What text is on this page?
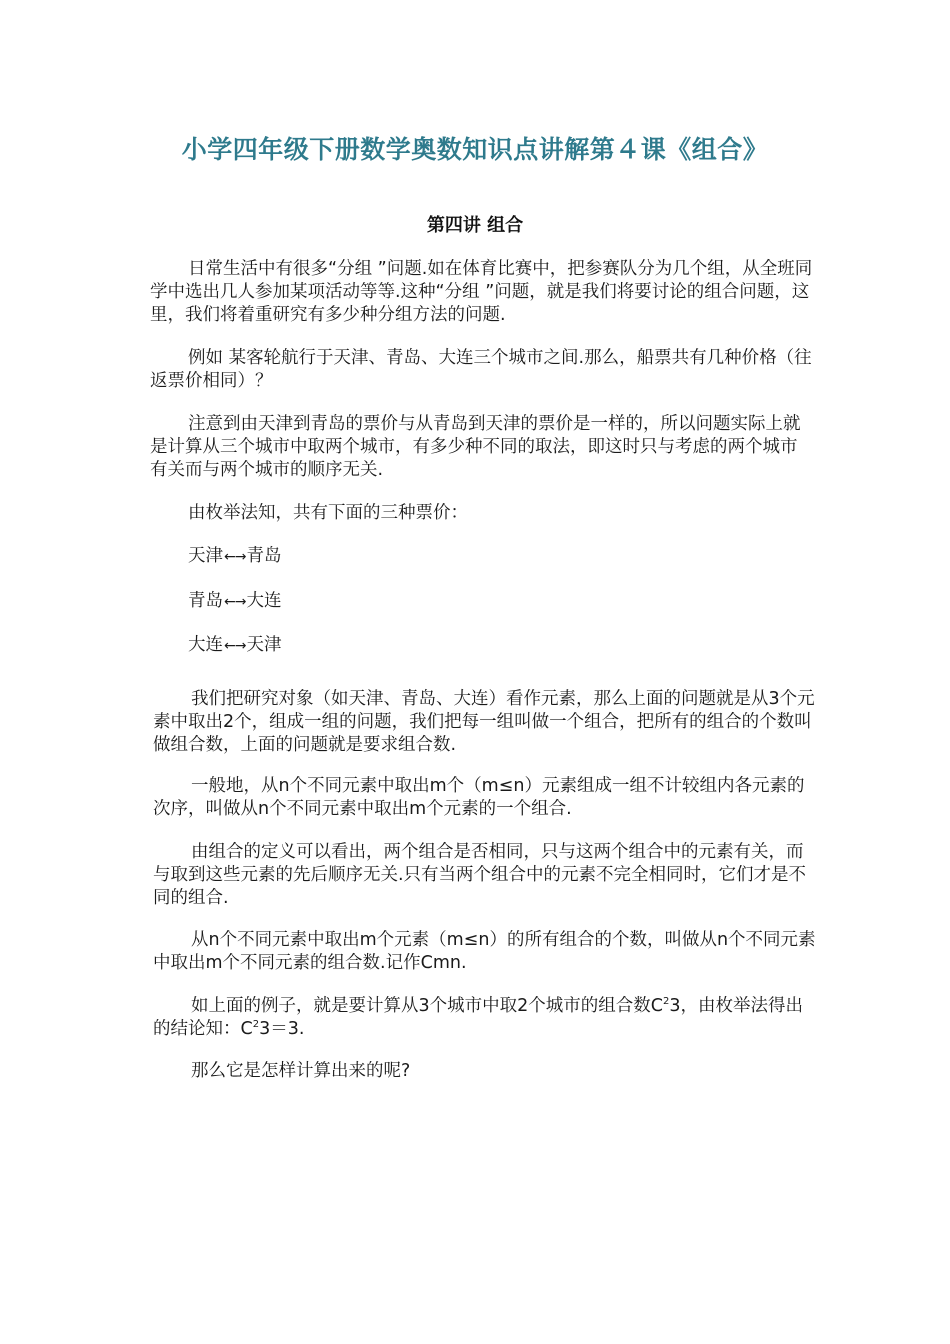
小学四年级下册数学奥数知识点讲解第４课《组合》
第四讲 组合

日常生活中有很多“分组 ”问题.如在体育比赛中，把参赛队分为几个组，从全班同学中选出几人参加某项活动等等.这种“分组 ”问题，就是我们将要讨论的组合问题，这里，我们将着重研究有多少种分组方法的问题.

例如 某客轮航行于天津、青岛、大连三个城市之间.那么，船票共有几种价格（往返票价相同）？

注意到由天津到青岛的票价与从青岛到天津的票价是一样的，所以问题实际上就是计算从三个城市中取两个城市，有多少种不同的取法，即这时只与考虑的两个城市有关而与两个城市的顺序无关.

由枚举法知，共有下面的三种票价：

天津←→青岛
青岛←→大连
大连←→天津

我们把研究对象（如天津、青岛、大连）看作元素，那么上面的问题就是从3个元素中取出2个，组成一组的问题，我们把每一组叫做一个组合，把所有的组合的个数叫做组合数，上面的问题就是要求组合数.

一般地，从n个不同元素中取出m个（m≤n）元素组成一组不计较组内各元素的次序，叫做从n个不同元素中取出m个元素的一个组合.

由组合的定义可以看出，两个组合是否相同，只与这两个组合中的元素有关，而与取到这些元素的先后顺序无关.只有当两个组合中的元素不完全相同时，它们才是不同的组合.

从n个不同元素中取出m个元素（m≤n）的所有组合的个数，叫做从n个不同元素中取出m个不同元素的组合数.记作Cmn.

如上面的例子，就是要计算从3个城市中取2个城市的组合数$C^23$，由枚举法得出的结论知：$C^23=3$.

那么它是怎样计算出来的呢?
